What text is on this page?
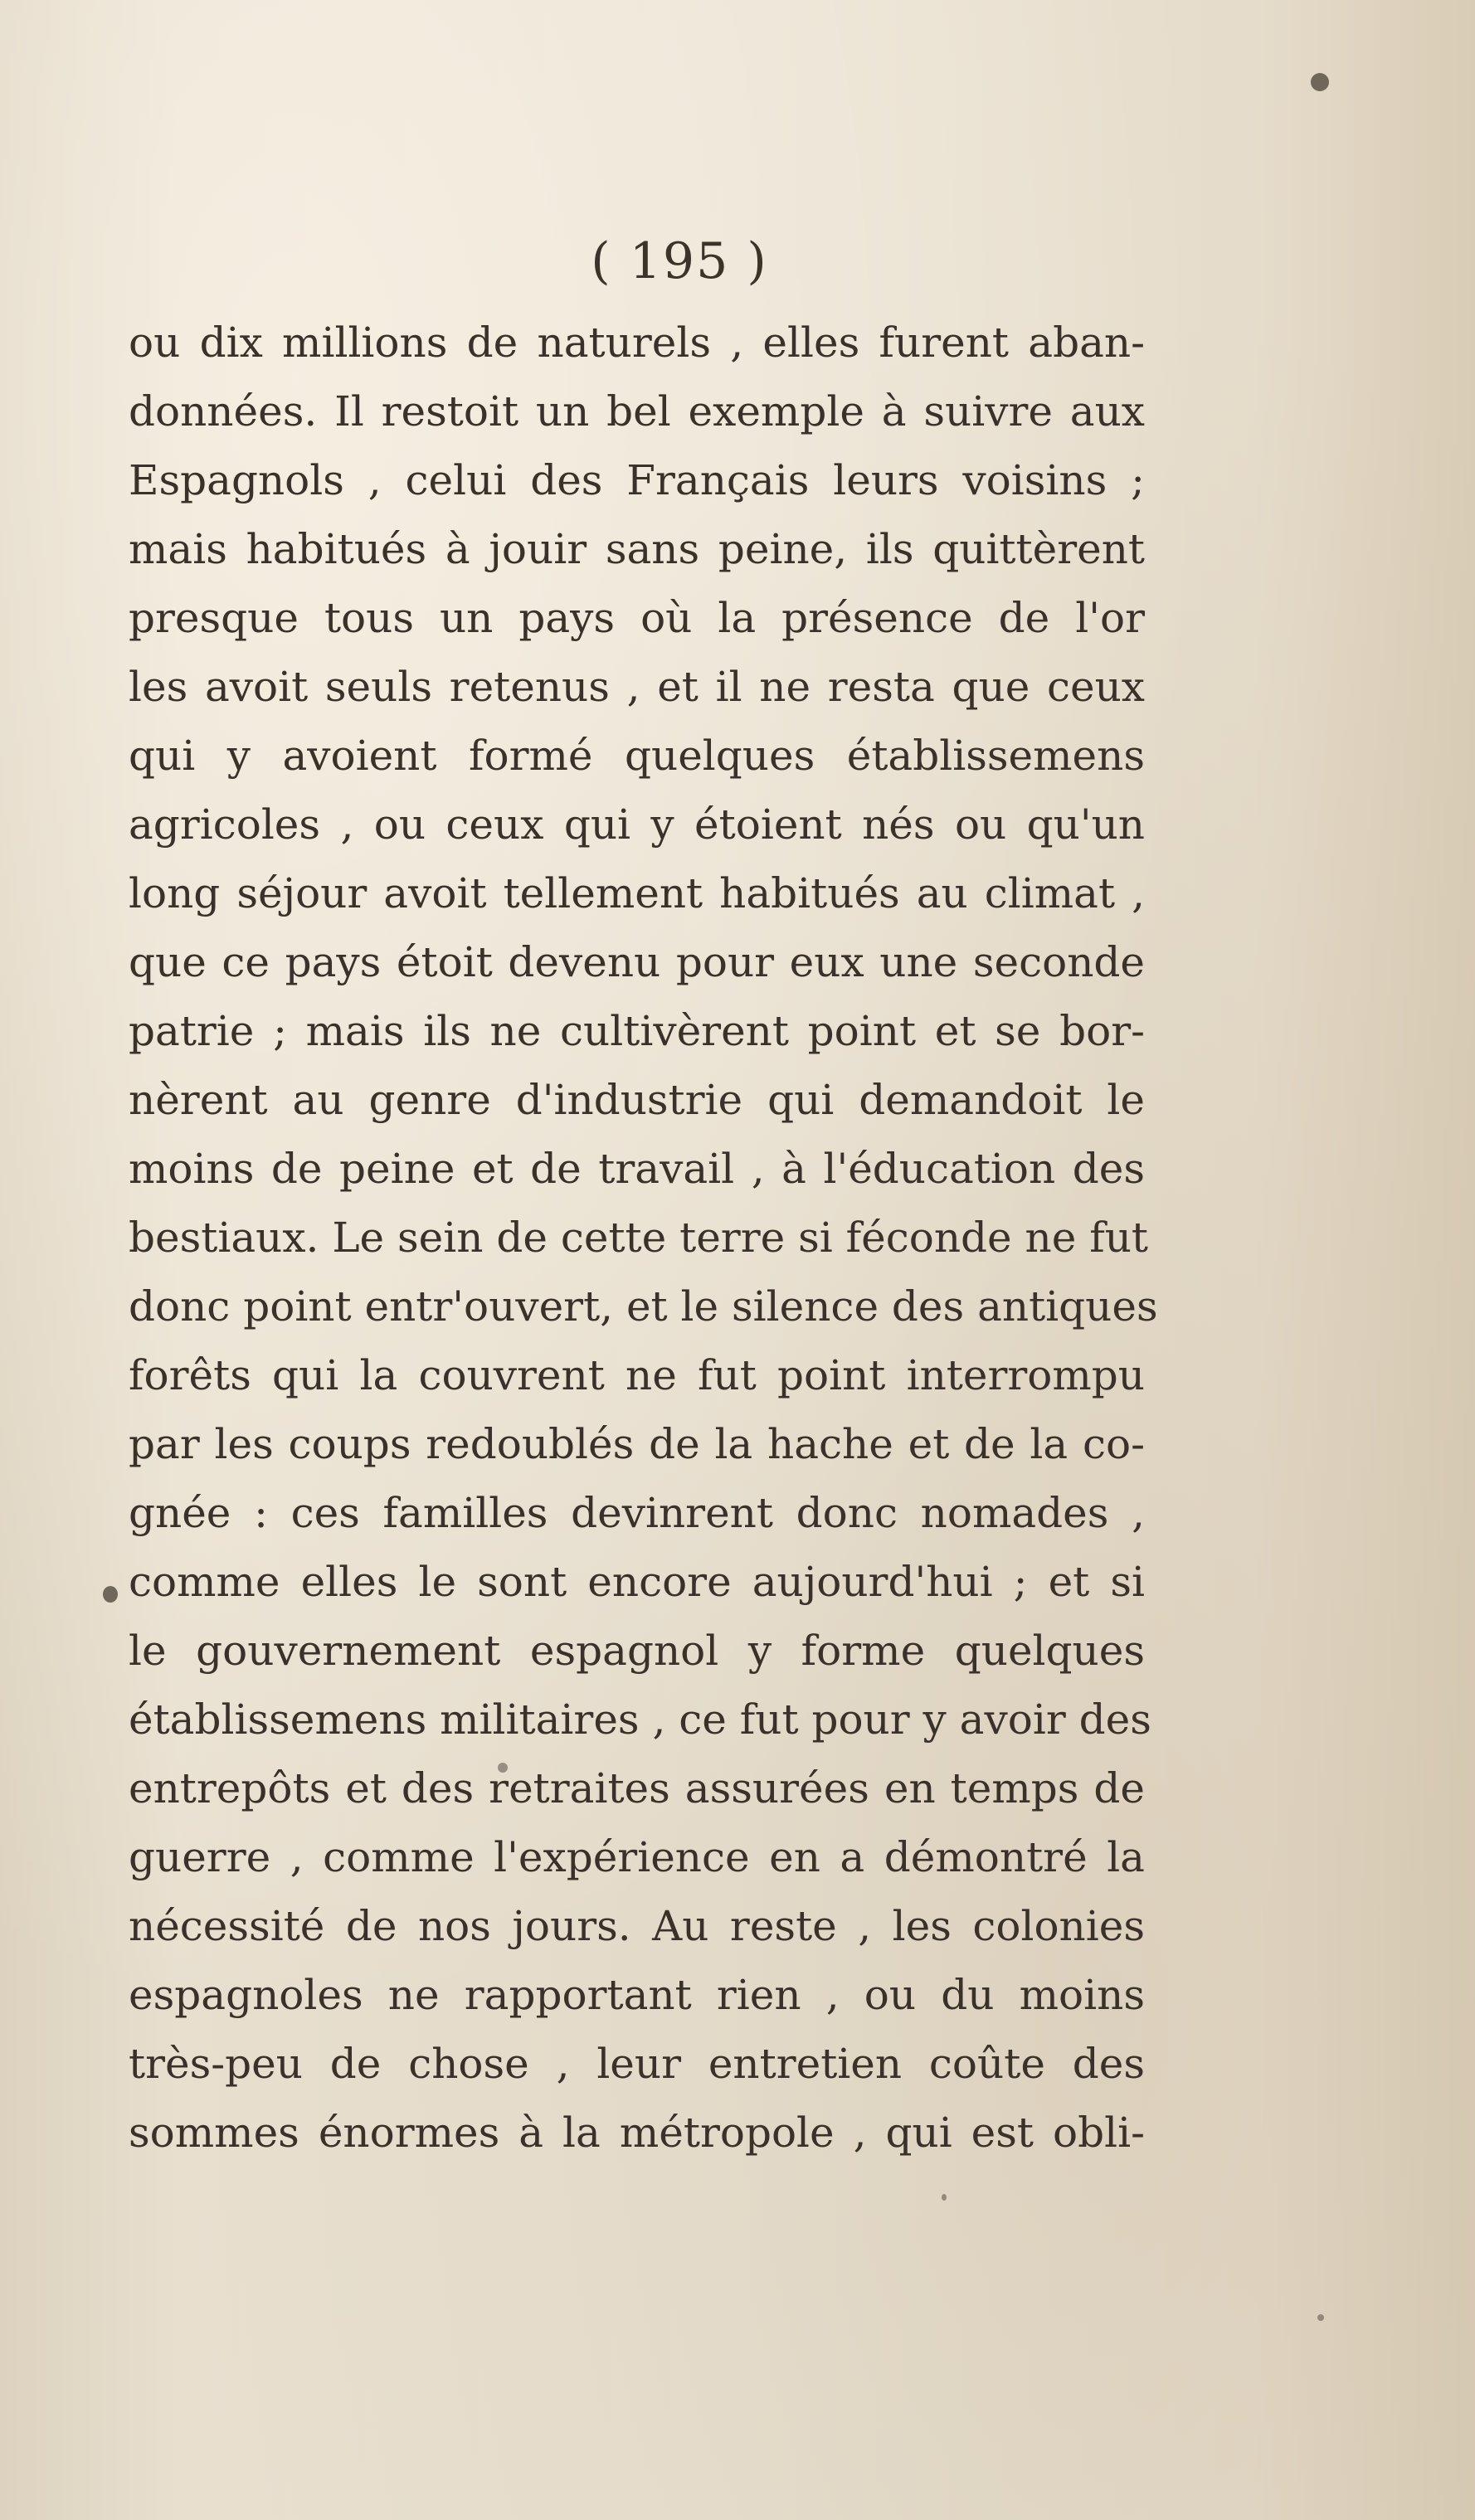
( 195 )
ou dix millions de naturels , elles furent aban-
données. Il restoit un bel exemple à suivre aux
Espagnols , celui des Français leurs voisins ;
mais habitués à jouir sans peine, ils quittèrent
presque tous un pays où la présence de l'or
les avoit seuls retenus , et il ne resta que ceux
qui y avoient formé quelques établissemens
agricoles , ou ceux qui y étoient nés ou qu'un
long séjour avoit tellement habitués au climat ,
que ce pays étoit devenu pour eux une seconde
patrie ; mais ils ne cultivèrent point et se bor-
nèrent au genre d'industrie qui demandoit le
moins de peine et de travail , à l'éducation des
bestiaux. Le sein de cette terre si féconde ne fut
donc point entr'ouvert, et le silence des antiques
forêts qui la couvrent ne fut point interrompu
par les coups redoublés de la hache et de la co-
gnée : ces familles devinrent donc nomades ,
comme elles le sont encore aujourd'hui ; et si
le gouvernement espagnol y forme quelques
établissemens militaires , ce fut pour y avoir des
entrepôts et des retraites assurées en temps de
guerre , comme l'expérience en a démontré la
nécessité de nos jours. Au reste , les colonies
espagnoles ne rapportant rien , ou du moins
très-peu de chose , leur entretien coûte des
sommes énormes à la métropole , qui est obli-
